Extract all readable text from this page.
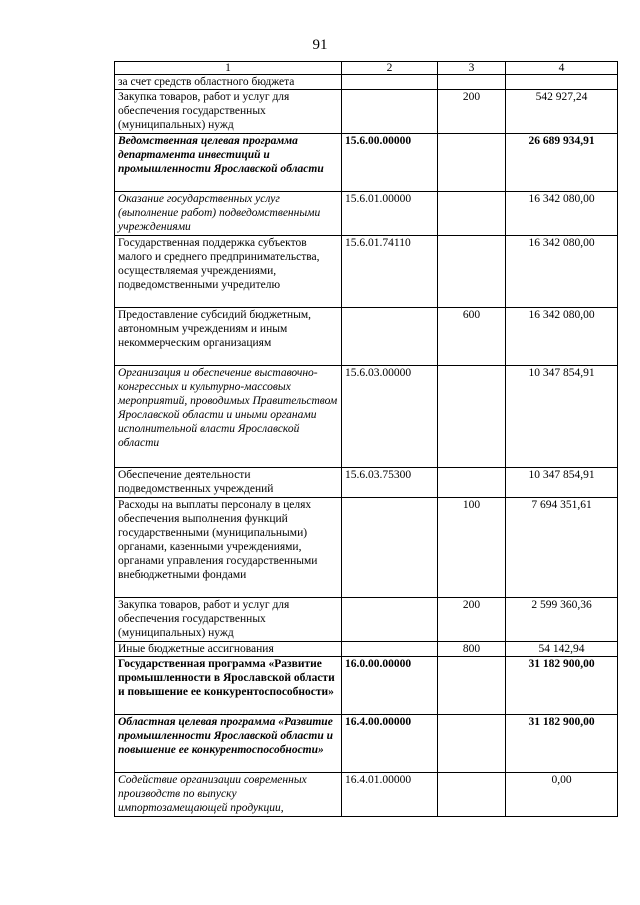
91
1	2	3	4
за счет средств областного бюджета			
Закупка товаров, работ и услуг для обеспечения государственных (муниципальных) нужд		200	542 927,24
Ведомственная целевая программа департамента инвестиций и промышленности Ярославской области	15.6.00.00000		26 689 934,91
Оказание государственных услуг (выполнение работ) подведомственными учреждениями	15.6.01.00000		16 342 080,00
Государственная поддержка субъектов малого и среднего предпринимательства, осуществляемая учреждениями, подведомственными учредителю	15.6.01.74110		16 342 080,00
Предоставление субсидий бюджетным, автономным учреждениям и иным некоммерческим организациям		600	16 342 080,00
Организация и обеспечение выставочно-конгрессных и культурно-массовых мероприятий, проводимых Правительством Ярославской области и иными органами исполнительной власти Ярославской области	15.6.03.00000		10 347 854,91
Обеспечение деятельности подведомственных учреждений	15.6.03.75300		10 347 854,91
Расходы на выплаты персоналу в целях обеспечения выполнения функций государственными (муниципальными) органами, казенными учреждениями, органами управления государственными внебюджетными фондами		100	7 694 351,61
Закупка товаров, работ и услуг для обеспечения государственных (муниципальных) нужд		200	2 599 360,36
Иные бюджетные ассигнования		800	54 142,94
Государственная программа «Развитие промышленности в Ярославской области и повышение ее конкурентоспособности»	16.0.00.00000		31 182 900,00
Областная целевая программа «Развитие промышленности Ярославской области и повышение ее конкурентоспособности»	16.4.00.00000		31 182 900,00
Содействие организации современных производств по выпуску импортозамещающей продукции,	16.4.01.00000		0,00
